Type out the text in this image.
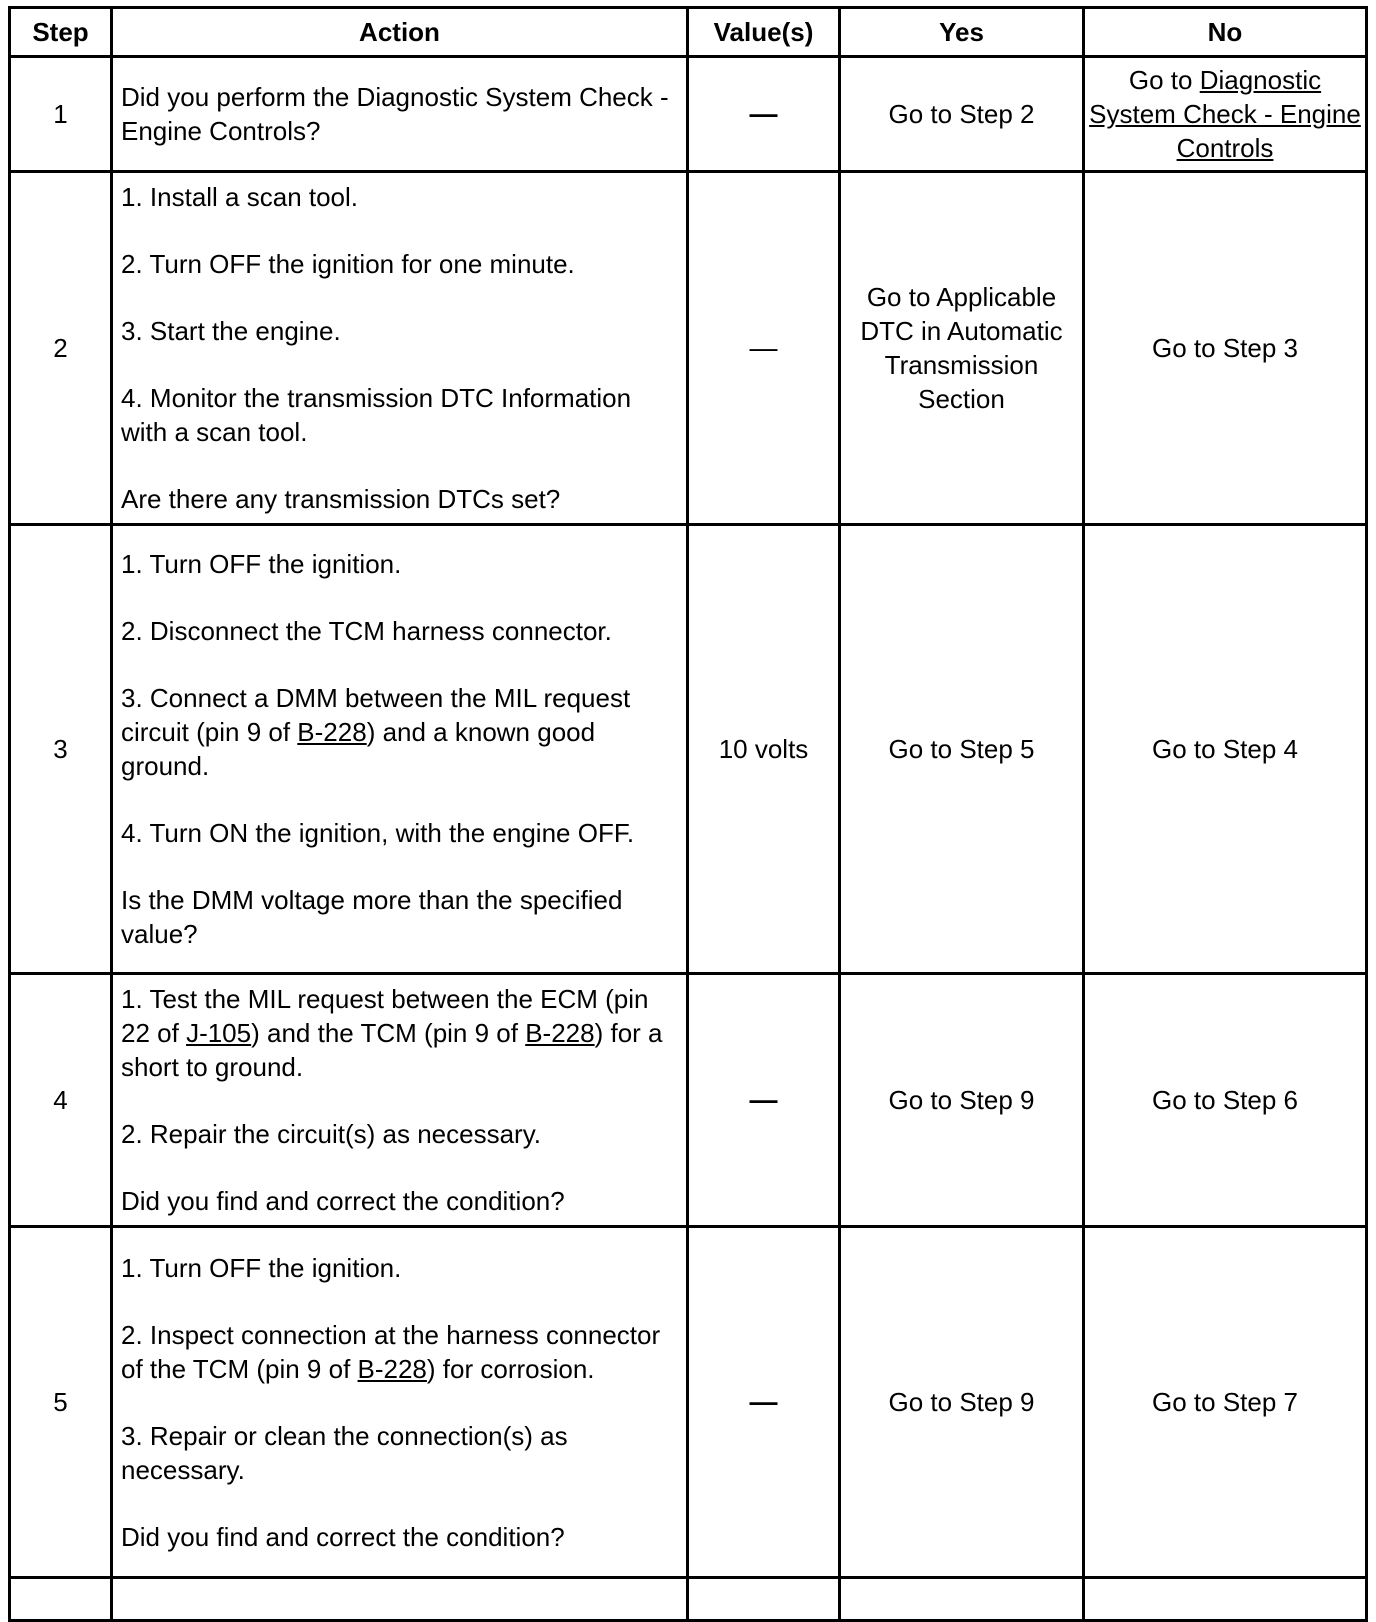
Step	Action	Value(s)	Yes	No
1	Did you perform the Diagnostic System Check - Engine Controls?	—	Go to Step 2	Go to Diagnostic System Check - Engine Controls
2	1. Install a scan tool.

2. Turn OFF the ignition for one minute.

3. Start the engine.

4. Monitor the transmission DTC Information with a scan tool.

Are there any transmission DTCs set?	—	Go to Applicable DTC in Automatic Transmission Section	Go to Step 3
3	1. Turn OFF the ignition.

2. Disconnect the TCM harness connector.

3. Connect a DMM between the MIL request circuit (pin 9 of B-228) and a known good ground.

4. Turn ON the ignition, with the engine OFF.

Is the DMM voltage more than the specified value?	10 volts	Go to Step 5	Go to Step 4
4	1. Test the MIL request between the ECM (pin 22 of J-105) and the TCM (pin 9 of B-228) for a short to ground.

2. Repair the circuit(s) as necessary.

Did you find and correct the condition?	—	Go to Step 9	Go to Step 6
5	1. Turn OFF the ignition.

2. Inspect connection at the harness connector of the TCM (pin 9 of B-228) for corrosion.

3. Repair or clean the connection(s) as necessary.

Did you find and correct the condition?	—	Go to Step 9	Go to Step 7
